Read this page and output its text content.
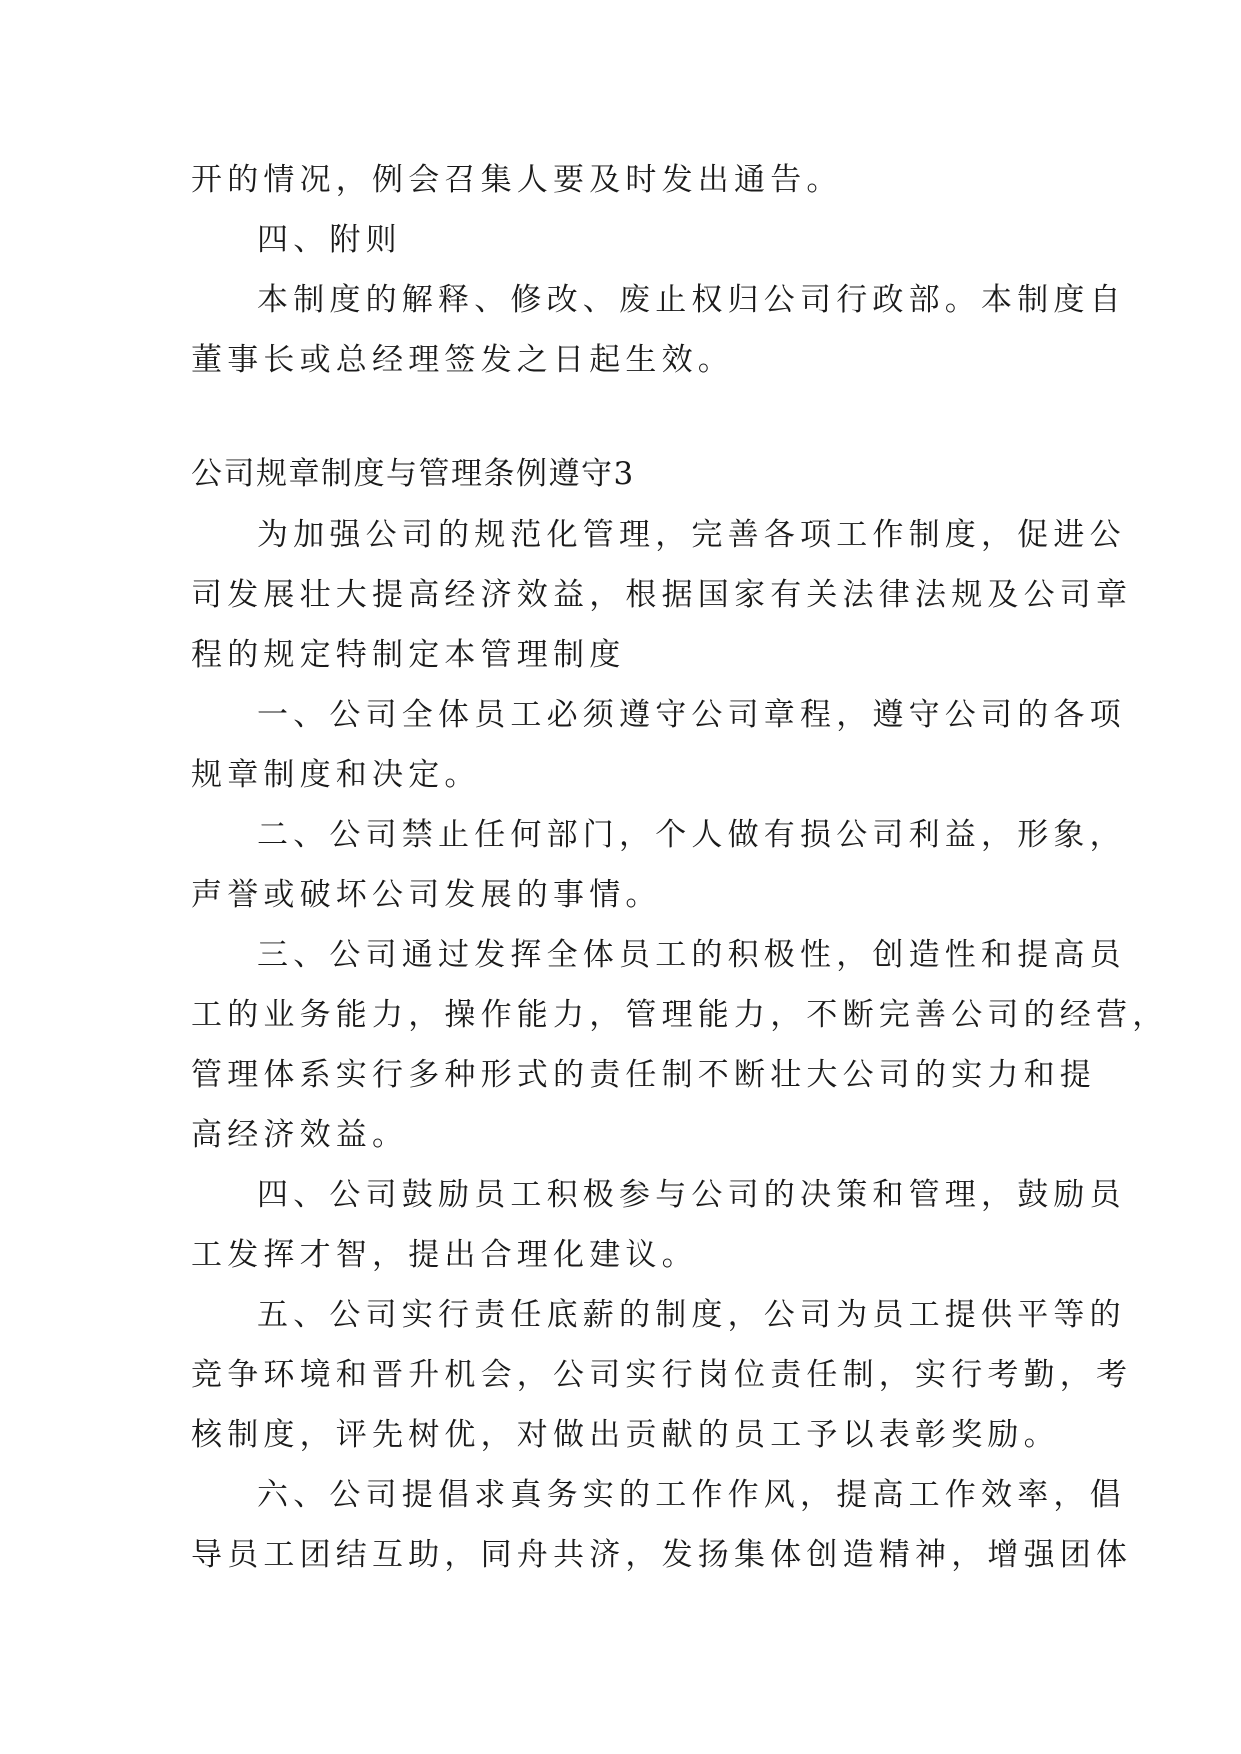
开的情况，例会召集人要及时发出通告。
四、附则
本制度的解释、修改、废止权归公司行政部。本制度自
董事长或总经理签发之日起生效。
公司规章制度与管理条例遵守3
为加强公司的规范化管理，完善各项工作制度，促进公
司发展壮大提高经济效益，根据国家有关法律法规及公司章
程的规定特制定本管理制度
一、公司全体员工必须遵守公司章程，遵守公司的各项
规章制度和决定。
二、公司禁止任何部门，个人做有损公司利益，形象，
声誉或破坏公司发展的事情。
三、公司通过发挥全体员工的积极性，创造性和提高员
工的业务能力，操作能力，管理能力，不断完善公司的经营，
管理体系实行多种形式的责任制不断壮大公司的实力和提
高经济效益。
四、公司鼓励员工积极参与公司的决策和管理，鼓励员
工发挥才智，提出合理化建议。
五、公司实行责任底薪的制度，公司为员工提供平等的
竞争环境和晋升机会，公司实行岗位责任制，实行考勤，考
核制度，评先树优，对做出贡献的员工予以表彰奖励。
六、公司提倡求真务实的工作作风，提高工作效率，倡
导员工团结互助，同舟共济，发扬集体创造精神，增强团体
